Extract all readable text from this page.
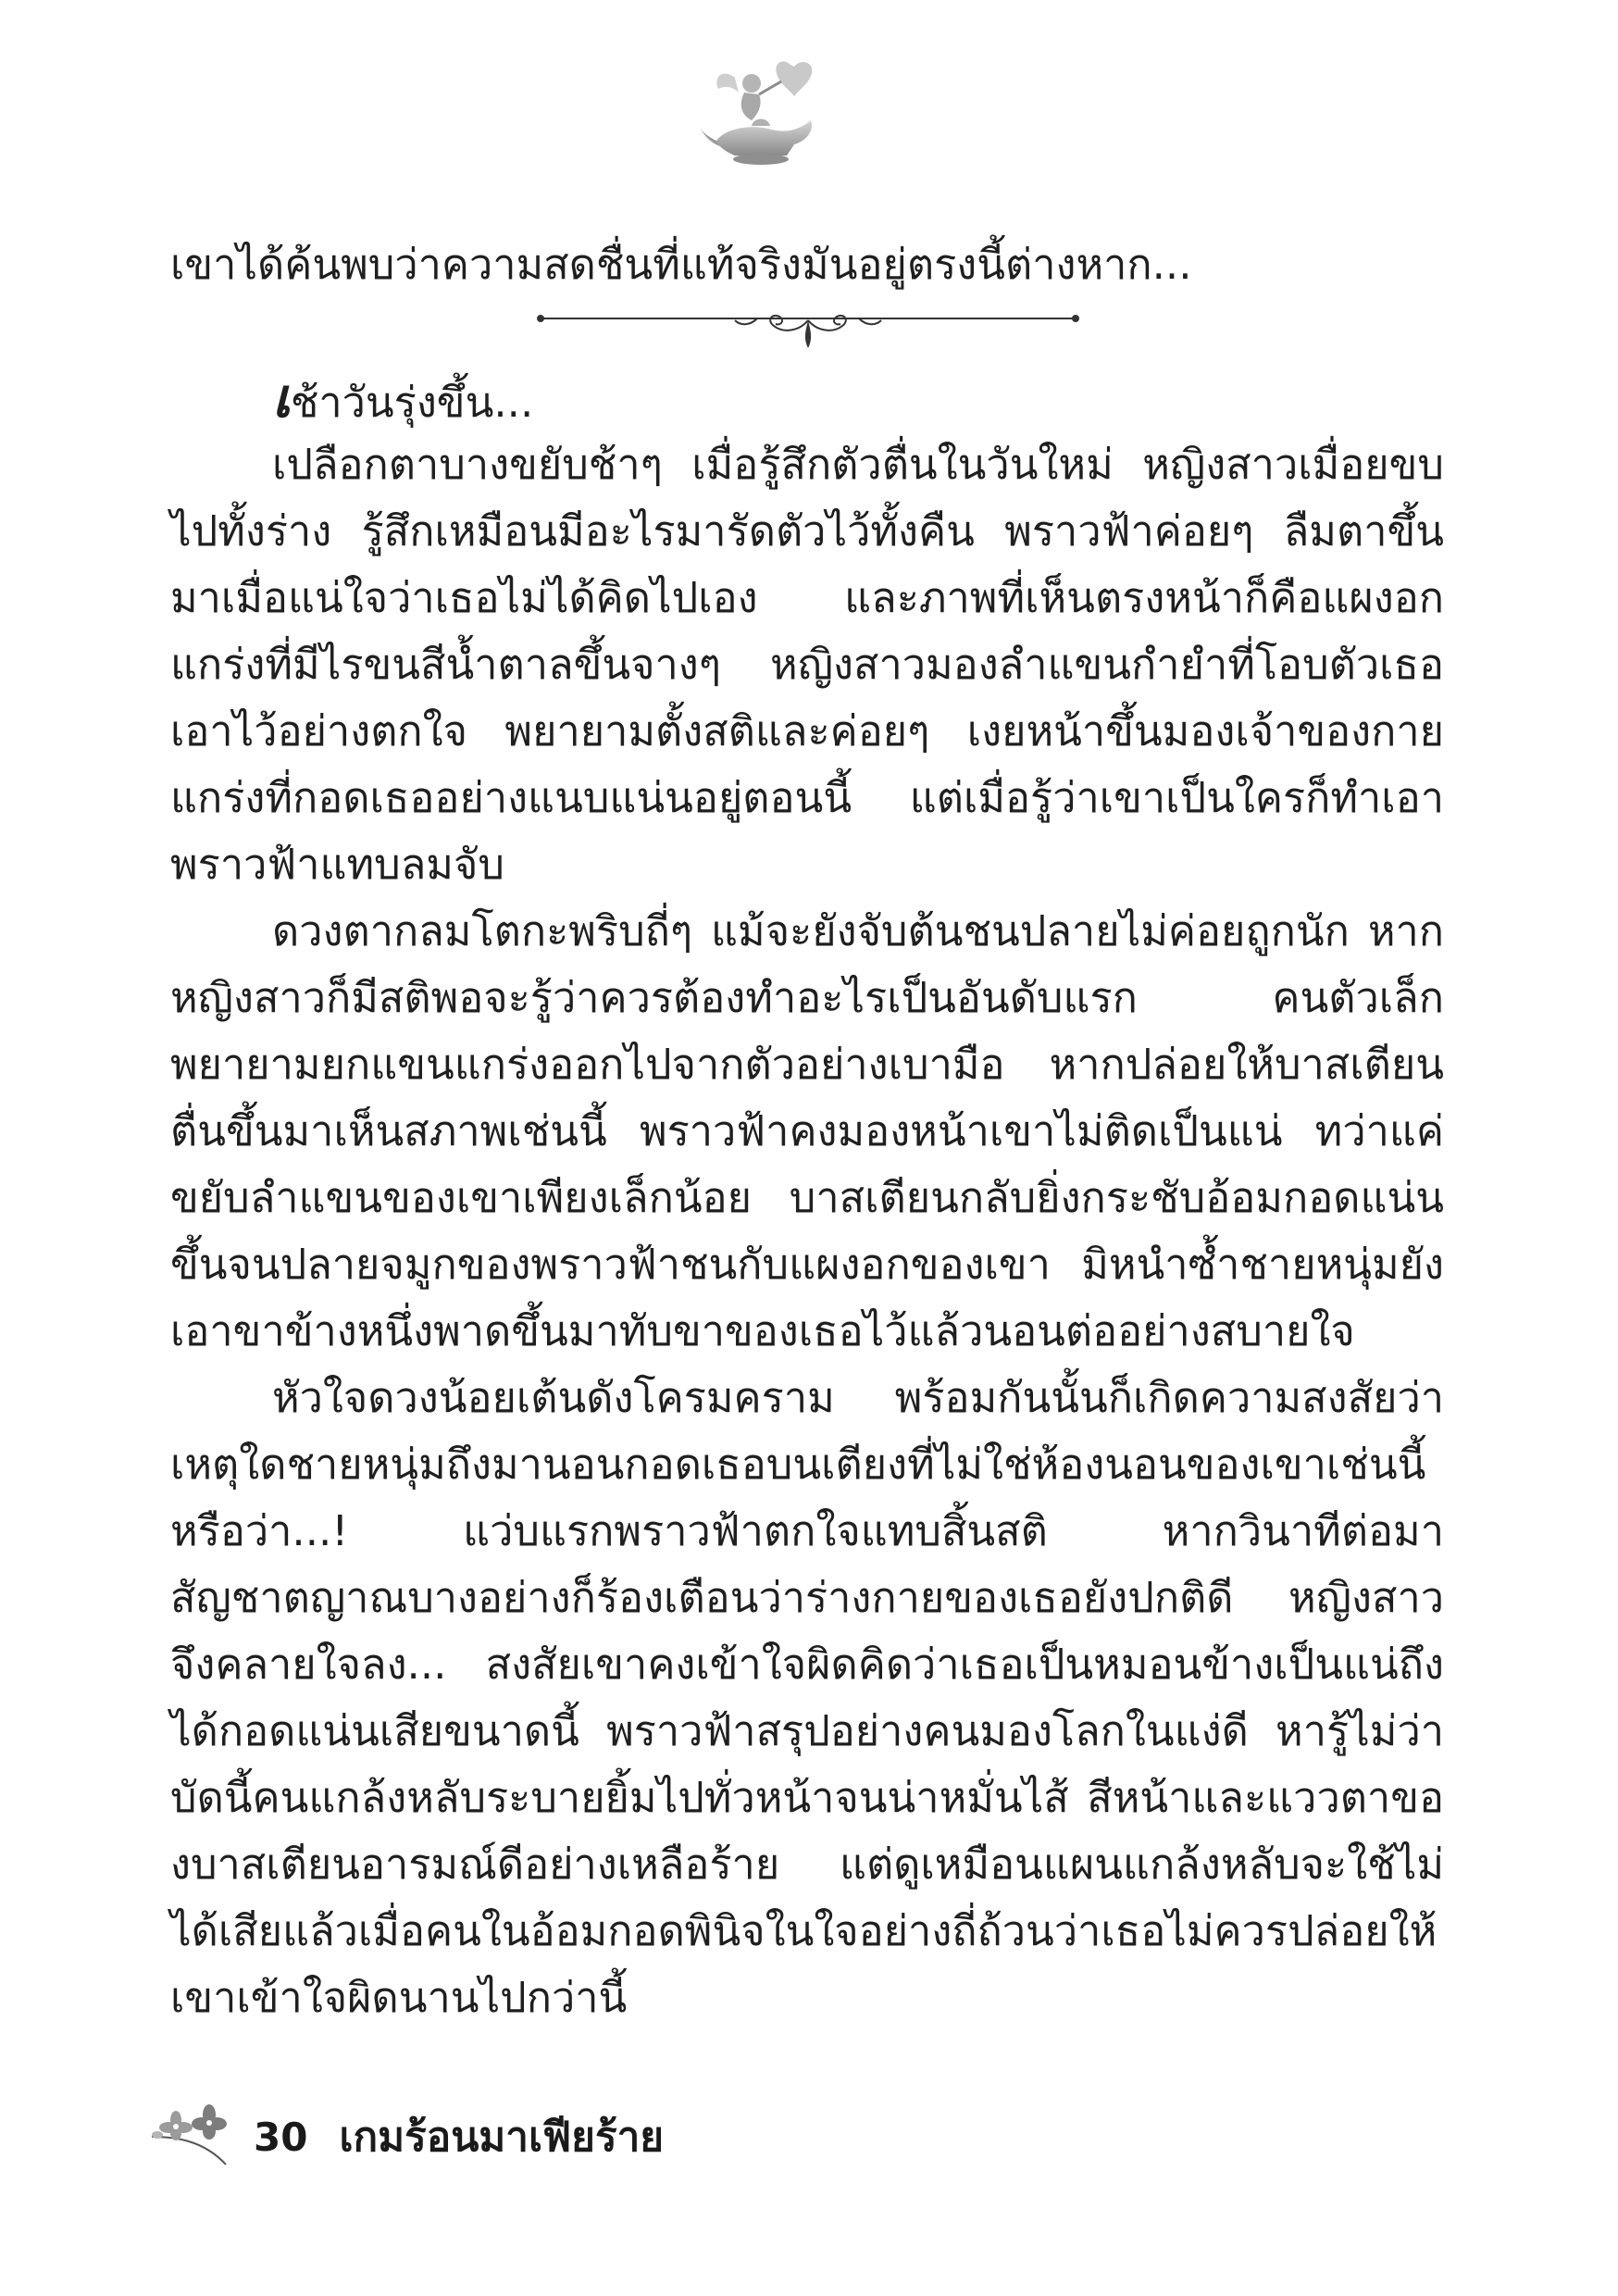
เขาได้ค้นพบว่าความสดชื่นที่แท้จริงมันอยู่ตรงนี้ต่างหาก...

เช้าวันรุ่งขึ้น...

เปลือกตาบางขยับช้าๆ เมื่อรู้สึกตัวตื่นในวันใหม่ หญิงสาวเมื่อยขบไปทั้งร่าง รู้สึกเหมือนมีอะไรมารัดตัวไว้ทั้งคืน พราวฟ้าค่อยๆ ลืมตาขึ้นมาเมื่อแน่ใจว่าเธอไม่ได้คิดไปเอง และภาพที่เห็นตรงหน้าก็คือแผงอกแกร่งที่มีไรขนสีน้ำตาลขึ้นจางๆ หญิงสาวมองลำแขนกำยำที่โอบตัวเธอเอาไว้อย่างตกใจ พยายามตั้งสติและค่อยๆ เงยหน้าขึ้นมองเจ้าของกายแกร่งที่กอดเธออย่างแนบแน่นอยู่ตอนนี้ แต่เมื่อรู้ว่าเขาเป็นใครก็ทำเอาพราวฟ้าแทบลมจับ

ดวงตากลมโตกะพริบถี่ๆ แม้จะยังจับต้นชนปลายไม่ค่อยถูกนัก หากหญิงสาวก็มีสติพอจะรู้ว่าควรต้องทำอะไรเป็นอันดับแรก คนตัวเล็กพยายามยกแขนแกร่งออกไปจากตัวอย่างเบามือ หากปล่อยให้บาสเตียนตื่นขึ้นมาเห็นสภาพเช่นนี้ พราวฟ้าคงมองหน้าเขาไม่ติดเป็นแน่ ทว่าแค่ขยับลำแขนของเขาเพียงเล็กน้อย บาสเตียนกลับยิ่งกระชับอ้อมกอดแน่นขึ้นจนปลายจมูกของพราวฟ้าชนกับแผงอกของเขา มิหนำซ้ำชายหนุ่มยังเอาขาข้างหนึ่งพาดขึ้นมาทับขาของเธอไว้แล้วนอนต่ออย่างสบายใจ

หัวใจดวงน้อยเต้นดังโครมคราม พร้อมกันนั้นก็เกิดความสงสัยว่าเหตุใดชายหนุ่มถึงมานอนกอดเธอบนเตียงที่ไม่ใช่ห้องนอนของเขาเช่นนี้ หรือว่า...! แว่บแรกพราวฟ้าตกใจแทบสิ้นสติ หากวินาทีต่อมาสัญชาตญาณบางอย่างก็ร้องเตือนว่าร่างกายของเธอยังปกติดี หญิงสาวจึงคลายใจลง... สงสัยเขาคงเข้าใจผิดคิดว่าเธอเป็นหมอนข้างเป็นแน่ถึงได้กอดแน่นเสียขนาดนี้ พราวฟ้าสรุปอย่างคนมองโลกในแง่ดี หารู้ไม่ว่าบัดนี้คนแกล้งหลับระบายยิ้มไปทั่วหน้าจนน่าหมั่นไส้ สีหน้าและแววตาของบาสเตียนอารมณ์ดีอย่างเหลือร้าย แต่ดูเหมือนแผนแกล้งหลับจะใช้ไม่ได้เสียแล้วเมื่อคนในอ้อมกอดพินิจในใจอย่างถี่ถ้วนว่าเธอไม่ควรปล่อยให้เขาเข้าใจผิดนานไปกว่านี้

30 เกมร้อนมาเฟียร้าย
